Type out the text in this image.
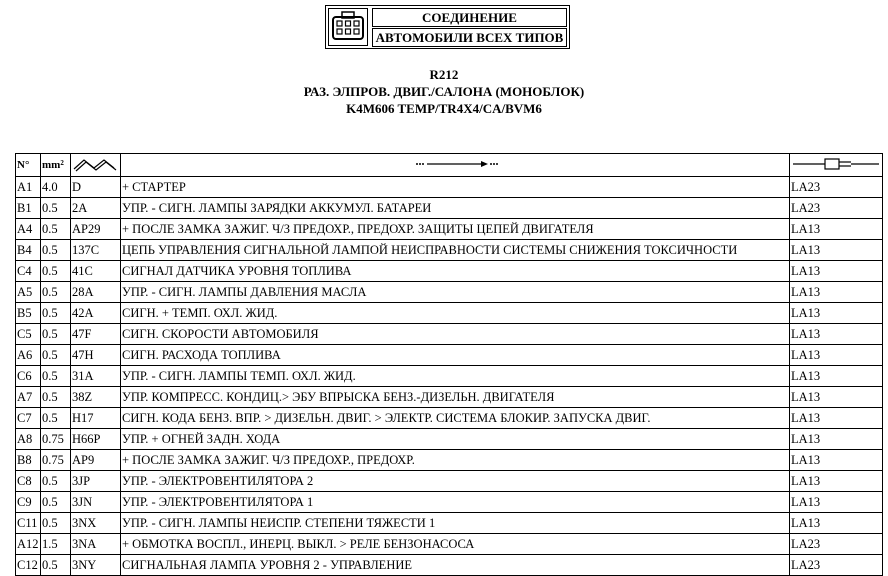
СОЕДИНЕНИЕ
АВТОМОБИЛИ ВСЕХ ТИПОВ
R212
РАЗ. ЭЛПРОВ. ДВИГ./САЛОНА (МОНОБЛОК)
K4M606 TEMP/TR4X4/CA/BVM6
N°	$mm^2$			
A1	4.0	D	+ СТАРТЕР	LA23
B1	0.5	2A	УПР. - СИГН. ЛАМПЫ ЗАРЯДКИ АККУМУЛ. БАТАРЕИ	LA23
A4	0.5	AP29	+ ПОСЛЕ ЗАМКА ЗАЖИГ. Ч/З ПРЕДОХР., ПРЕДОХР. ЗАЩИТЫ ЦЕПЕЙ ДВИГАТЕЛЯ	LA13
B4	0.5	137C	ЦЕПЬ УПРАВЛЕНИЯ СИГНАЛЬНОЙ ЛАМПОЙ НЕИСПРАВНОСТИ СИСТЕМЫ СНИЖЕНИЯ ТОКСИЧНОСТИ	LA13
C4	0.5	41C	СИГНАЛ ДАТЧИКА УРОВНЯ ТОПЛИВА	LA13
A5	0.5	28A	УПР. - СИГН. ЛАМПЫ ДАВЛЕНИЯ МАСЛА	LA13
B5	0.5	42A	СИГН. + ТЕМП. ОХЛ. ЖИД.	LA13
C5	0.5	47F	СИГН. СКОРОСТИ АВТОМОБИЛЯ	LA13
A6	0.5	47H	СИГН. РАСХОДА ТОПЛИВА	LA13
C6	0.5	31A	УПР. - СИГН. ЛАМПЫ ТЕМП. ОХЛ. ЖИД.	LA13
A7	0.5	38Z	УПР. КОМПРЕСС. КОНДИЦ.> ЭБУ ВПРЫСКА БЕНЗ.-ДИЗЕЛЬН. ДВИГАТЕЛЯ	LA13
C7	0.5	H17	СИГН. КОДА БЕНЗ. ВПР. > ДИЗЕЛЬН. ДВИГ. > ЭЛЕКТР. СИСТЕМА БЛОКИР. ЗАПУСКА ДВИГ.	LA13
A8	0.75	H66P	УПР. + ОГНЕЙ ЗАДН. ХОДА	LA13
B8	0.75	AP9	+ ПОСЛЕ ЗАМКА ЗАЖИГ. Ч/З ПРЕДОХР., ПРЕДОХР.	LA13
C8	0.5	3JP	УПР. - ЭЛЕКТРОВЕНТИЛЯТОРА 2	LA13
C9	0.5	3JN	УПР. - ЭЛЕКТРОВЕНТИЛЯТОРА 1	LA13
C11	0.5	3NX	УПР. - СИГН. ЛАМПЫ НЕИСПР. СТЕПЕНИ ТЯЖЕСТИ 1	LA13
A12	1.5	3NA	+ ОБМОТКА ВОСПЛ., ИНЕРЦ. ВЫКЛ. > РЕЛЕ БЕНЗОНАСОСА	LA23
C12	0.5	3NY	СИГНАЛЬНАЯ ЛАМПА УРОВНЯ 2 - УПРАВЛЕНИЕ	LA23
